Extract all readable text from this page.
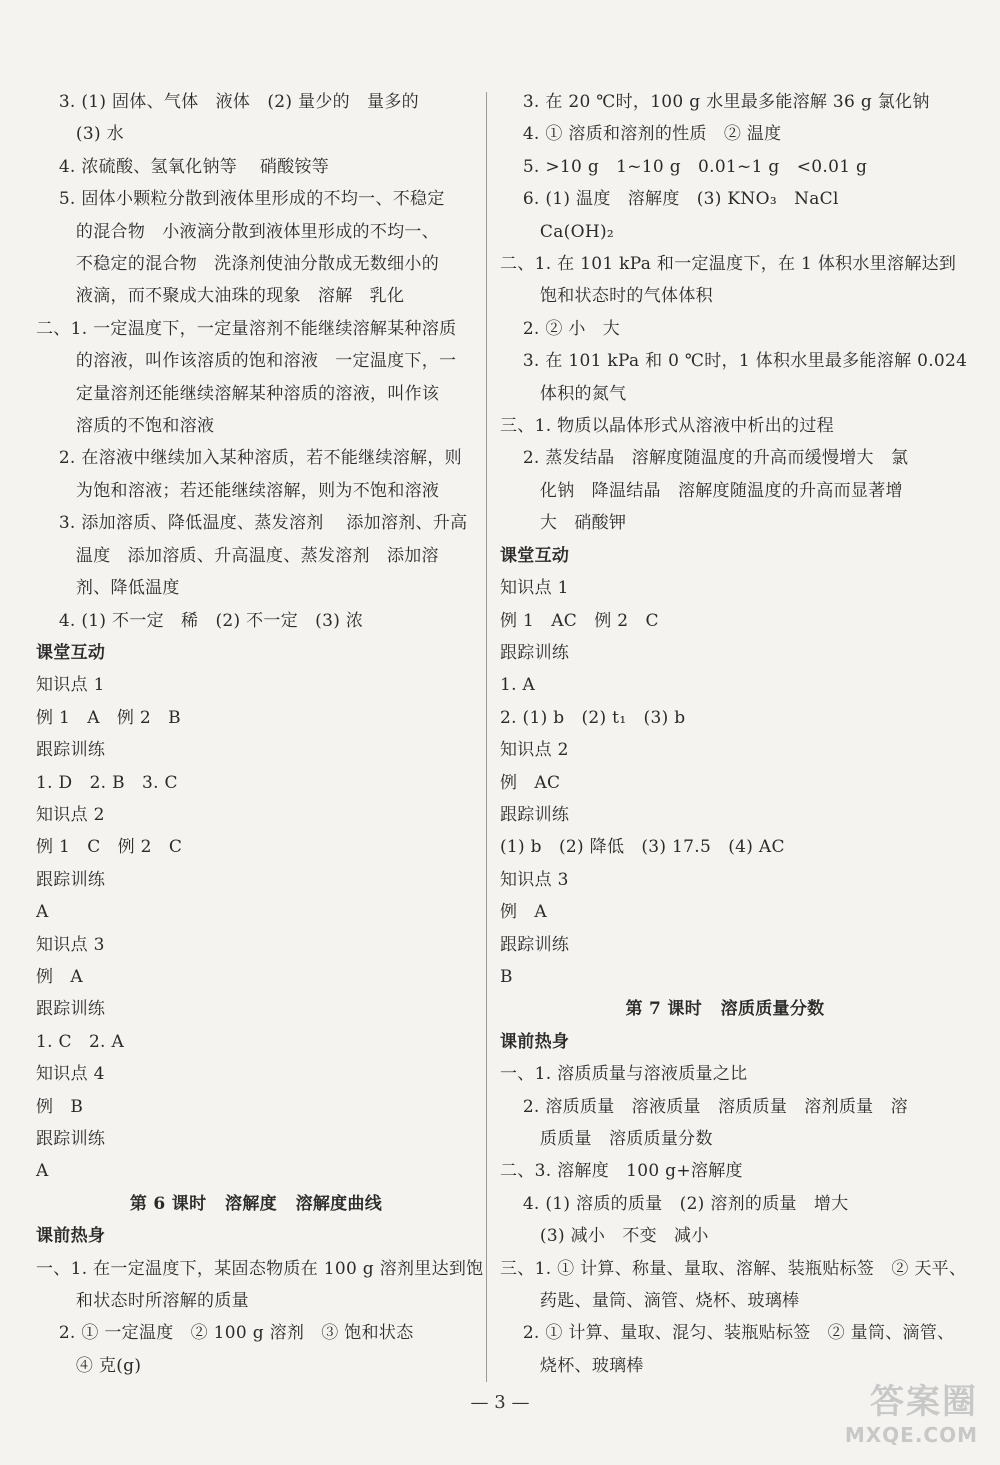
3. (1) 固体、气体   液体   (2) 量少的   量多的
(3) 水
4. 浓硫酸、氢氧化钠等    硝酸铵等
5. 固体小颗粒分散到液体里形成的不均一、不稳定
的混合物   小液滴分散到液体里形成的不均一、
不稳定的混合物   洗涤剂使油分散成无数细小的
液滴，而不聚成大油珠的现象   溶解   乳化
二、1. 一定温度下，一定量溶剂不能继续溶解某种溶质
的溶液，叫作该溶质的饱和溶液   一定温度下，一
定量溶剂还能继续溶解某种溶质的溶液，叫作该
溶质的不饱和溶液
2. 在溶液中继续加入某种溶质，若不能继续溶解，则
为饱和溶液；若还能继续溶解，则为不饱和溶液
3. 添加溶质、降低温度、蒸发溶剂    添加溶剂、升高
温度   添加溶质、升高温度、蒸发溶剂   添加溶
剂、降低温度
4. (1) 不一定   稀   (2) 不一定   (3) 浓
课堂互动
知识点 1
例 1   A   例 2   B
跟踪训练
1. D   2. B   3. C
知识点 2
例 1   C   例 2   C
跟踪训练
A
知识点 3
例   A
跟踪训练
1. C   2. A
知识点 4
例   B
跟踪训练
A
第 6 课时   溶解度   溶解度曲线
课前热身
一、1. 在一定温度下，某固态物质在 100 g 溶剂里达到饱
和状态时所溶解的质量
2. ① 一定温度   ② 100 g 溶剂   ③ 饱和状态
④ 克(g)
3. 在 20 ℃时，100 g 水里最多能溶解 36 g 氯化钠
4. ① 溶质和溶剂的性质   ② 温度
5. >10 g   1~10 g   0.01~1 g   <0.01 g
6. (1) 温度   溶解度   (3) KNO₃   NaCl
Ca(OH)₂
二、1. 在 101 kPa 和一定温度下，在 1 体积水里溶解达到
饱和状态时的气体体积
2. ② 小   大
3. 在 101 kPa 和 0 ℃时，1 体积水里最多能溶解 0.024
体积的氮气
三、1. 物质以晶体形式从溶液中析出的过程
2. 蒸发结晶   溶解度随温度的升高而缓慢增大   氯
化钠   降温结晶   溶解度随温度的升高而显著增
大   硝酸钾
课堂互动
知识点 1
例 1   AC   例 2   C
跟踪训练
1. A
2. (1) b   (2) t₁   (3) b
知识点 2
例   AC
跟踪训练
(1) b   (2) 降低   (3) 17.5   (4) AC
知识点 3
例   A
跟踪训练
B
第 7 课时   溶质质量分数
课前热身
一、1. 溶质质量与溶液质量之比
2. 溶质质量   溶液质量   溶质质量   溶剂质量   溶
质质量   溶质质量分数
二、3. 溶解度   100 g+溶解度
4. (1) 溶质的质量   (2) 溶剂的质量   增大
(3) 减小   不变   减小
三、1. ① 计算、称量、量取、溶解、装瓶贴标签   ② 天平、
药匙、量筒、滴管、烧杯、玻璃棒
2. ① 计算、量取、混匀、装瓶贴标签   ② 量筒、滴管、
烧杯、玻璃棒
— 3 —	答案圈
MXQE.COM
